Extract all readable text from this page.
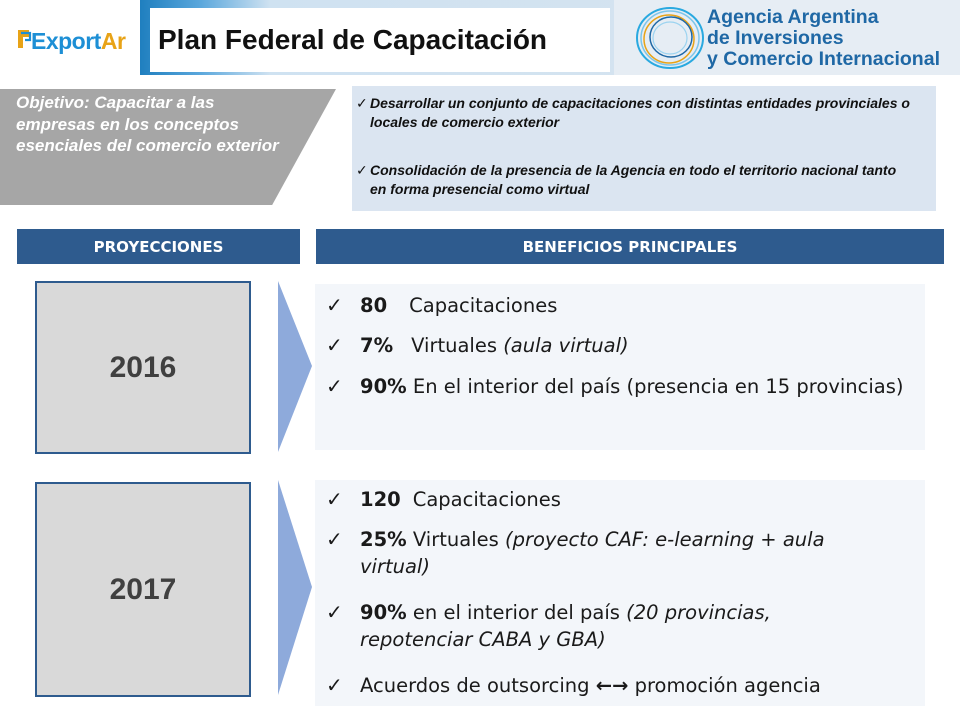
ExportAr Plan Federal de Capacitación
Agencia Argentina
de Inversiones
y Comercio Internacional
Objetivo: Capacitar a las empresas en los conceptos esenciales del comercio exterior
✓ Desarrollar un conjunto de capacitaciones con distintas entidades provinciales o locales de comercio exterior
✓ Consolidación de la presencia de la Agencia en todo el territorio nacional tanto en forma presencial como virtual
PROYECCIONES	BENEFICIOS PRINCIPALES
2016
✓ 80 Capacitaciones
✓ 7% Virtuales (aula virtual)
✓ 90% En el interior del país (presencia en 15 provincias)
2017
✓ 120 Capacitaciones
✓ 25% Virtuales (proyecto CAF: e-learning + aula virtual)
✓ 90% en el interior del país (20 provincias, repotenciar CABA y GBA)
✓ Acuerdos de outsorcing ←→ promoción agencia
